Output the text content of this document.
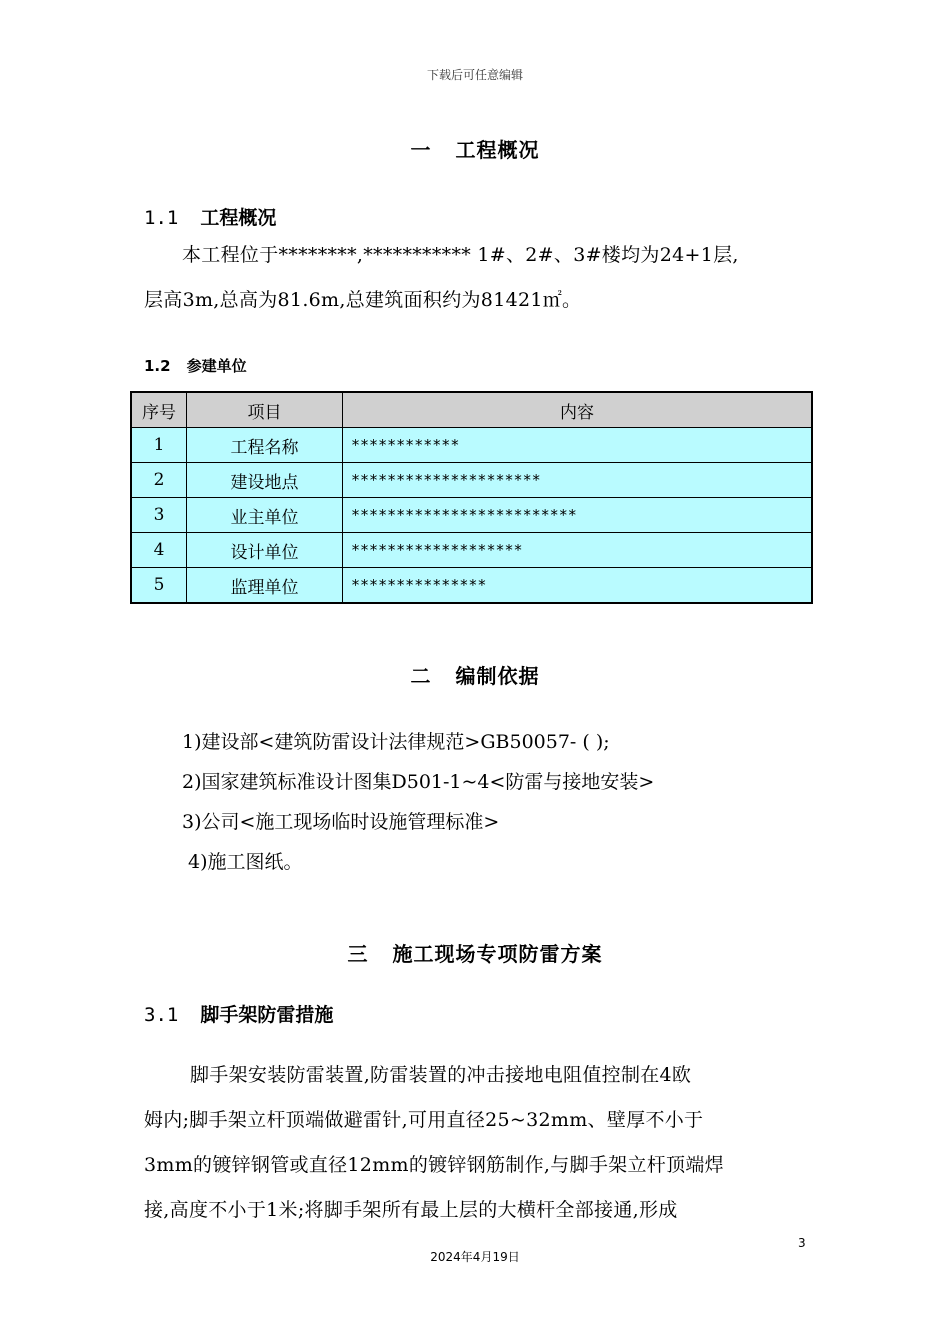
下载后可任意编辑
一 工程概况
1.1 工程概况

本工程位于********,*********** 1#、2#、3#楼均为24+1层,

层高3m,总高为81.6m,总建筑面积约为81421㎡。

1.2 参建单位
序号	项目	内容
1	工程名称	************
2	建设地点	*********************
3	业主单位	*************************
4	设计单位	*******************
5	监理单位	***************
二 编制依据
1)建设部<建筑防雷设计法律规范>GB50057- ( );
2)国家建筑标准设计图集D501-1~4<防雷与接地安装>
3)公司<施工现场临时设施管理标准>
4)施工图纸。
三 施工现场专项防雷方案
3.1 脚手架防雷措施

脚手架安装防雷装置,防雷装置的冲击接地电阻值控制在4欧

姆内;脚手架立杆顶端做避雷针,可用直径25~32mm、壁厚不小于

3mm的镀锌钢管或直径12mm的镀锌钢筋制作,与脚手架立杆顶端焊

接,高度不小于1米;将脚手架所有最上层的大横杆全部接通,形成

3
2024年4月19日
